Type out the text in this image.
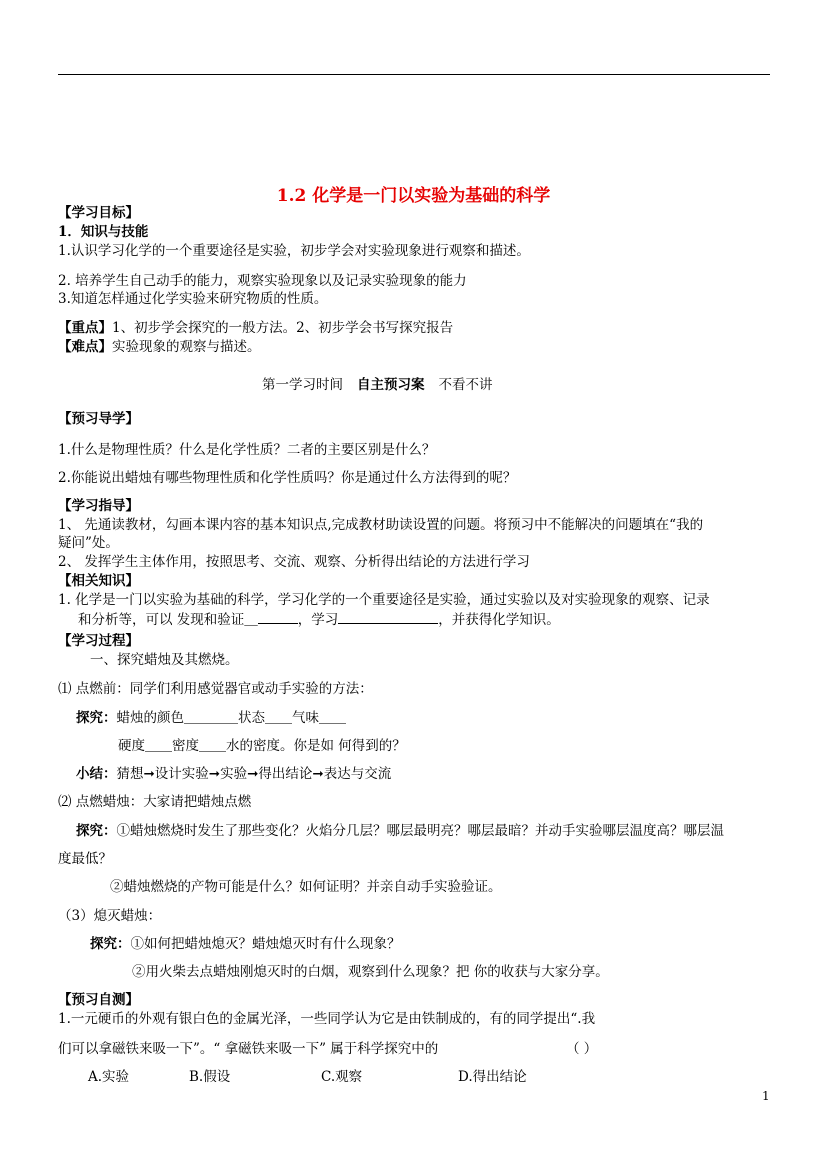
1.2 化学是一门以实验为基础的科学
【学习目标】
1．知识与技能
1.认识学习化学的一个重要途径是实验，初步学会对实验现象进行观察和描述。
2. 培养学生自己动手的能力，观察实验现象以及记录实验现象的能力
3.知道怎样通过化学实验来研究物质的性质。
【重点】1、初步学会探究的一般方法。2、初步学会书写探究报告
【难点】实验现象的观察与描述。
第一学习时间 自主预习案 不看不讲
【预习导学】
1.什么是物理性质？什么是化学性质？二者的主要区别是什么？
2.你能说出蜡烛有哪些物理性质和化学性质吗？你是通过什么方法得到的呢？
【学习指导】
1、 先通读教材，勾画本课内容的基本知识点,完成教材助读设置的问题。将预习中不能解决的问题填在“我的
疑问”处。
2、 发挥学生主体作用，按照思考、交流、观察、分析得出结论的方法进行学习
【相关知识】
1. 化学是一门以实验为基础的科学，学习化学的一个重要途径是实验，通过实验以及对实验现象的观察、记录
和分析等，可以 发现和验证＿	，学习	，并获得化学知识。
【学习过程】
一、探究蜡烛及其燃烧。
⑴ 点燃前：同学们利用感觉器官或动手实验的方法：
探究：蜡烛的颜色＿＿＿＿状态＿＿气味＿＿
硬度＿＿密度＿＿水的密度。你是如 何得到的？
小结：猜想➞设计实验➞实验➞得出结论➞表达与交流
⑵ 点燃蜡烛：大家请把蜡烛点燃
探究：①蜡烛燃烧时发生了那些变化？火焰分几层？哪层最明亮？哪层最暗？并动手实验哪层温度高？哪层温
度最低？
②蜡烛燃烧的产物可能是什么？如何证明？并亲自动手实验验证。
（3）熄灭蜡烛：
探究：①如何把蜡烛熄灭？蜡烛熄灭时有什么现象？
②用火柴去点蜡烛刚熄灭时的白烟，观察到什么现象？把 你的收获与大家分享。
【预习自测】
1.一元硬币的外观有银白色的金属光泽，一些同学认为它是由铁制成的，有的同学提出“.我
们可以拿磁铁来吸一下”。“ 拿磁铁来吸一下” 属于科学探究中的	（ ）
A.实验	B.假设	C.观察	D.得出结论
1
